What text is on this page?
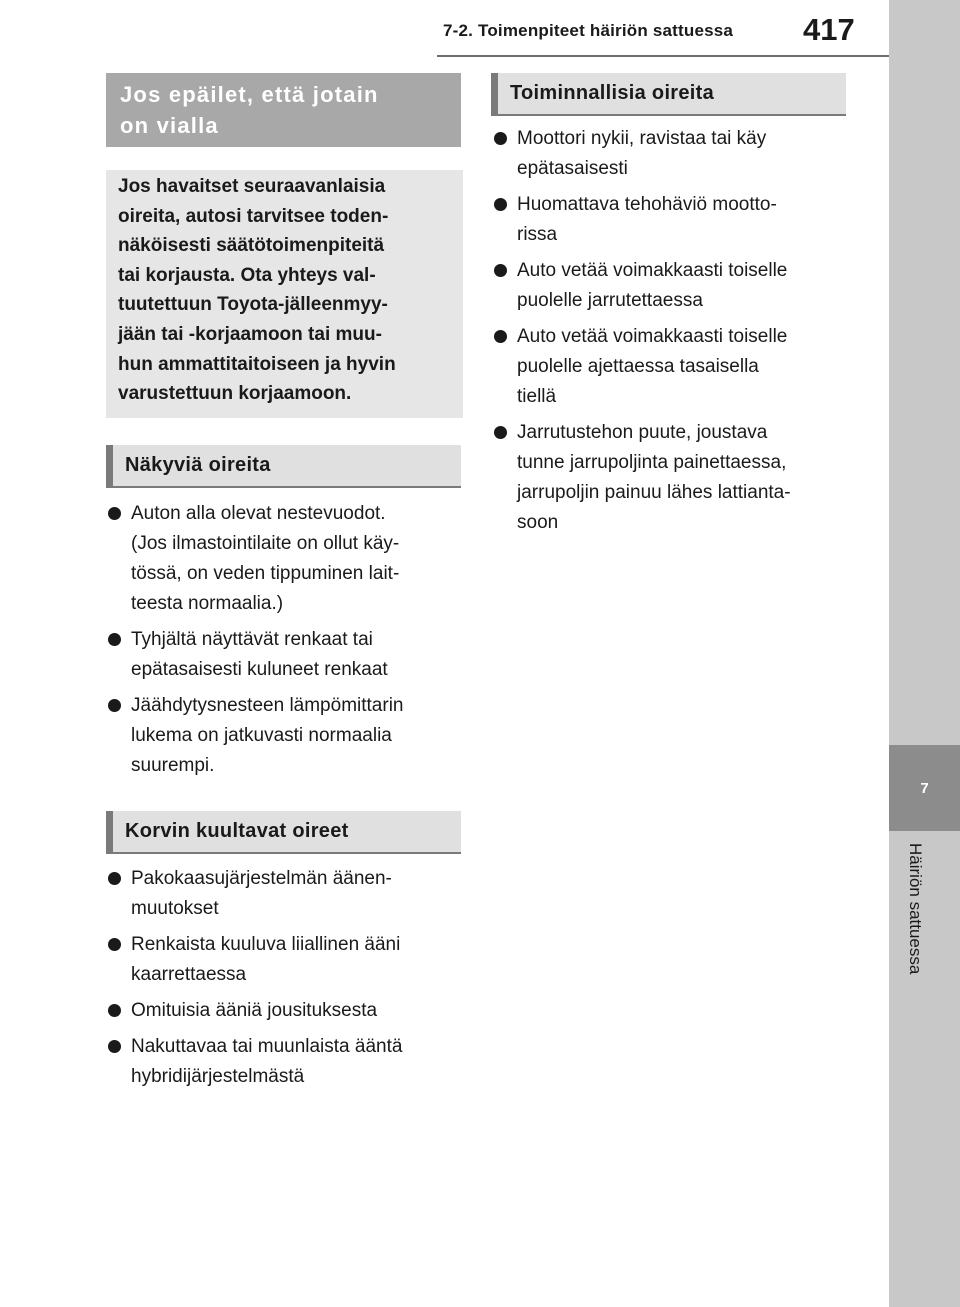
7-2. Toimenpiteet häiriön sattuessa 417
7
Häiriön sattuessa
Jos epäilet, että jotain
on vialla
Jos havaitset seuraavanlaisia
oireita, autosi tarvitsee toden-
näköisesti säätötoimenpiteitä
tai korjausta. Ota yhteys val-
tuutettuun Toyota-jälleenmyy-
jään tai -korjaamoon tai muu-
hun ammattitaitoiseen ja hyvin
varustettuun korjaamoon.
Näkyviä oireita
Auton alla olevat nestevuodot.
(Jos ilmastointilaite on ollut käy-
tössä, on veden tippuminen lait-
teesta normaalia.)
Tyhjältä näyttävät renkaat tai
epätasaisesti kuluneet renkaat
Jäähdytysnesteen lämpömittarin
lukema on jatkuvasti normaalia
suurempi.
Korvin kuultavat oireet
Pakokaasujärjestelmän äänen-
muutokset
Renkaista kuuluva liiallinen ääni
kaarrettaessa
Omituisia ääniä jousituksesta
Nakuttavaa tai muunlaista ääntä
hybridijärjestelmästä
Toiminnallisia oireita
Moottori nykii, ravistaa tai käy
epätasaisesti
Huomattava tehohäviö mootto-
rissa
Auto vetää voimakkaasti toiselle
puolelle jarrutettaessa
Auto vetää voimakkaasti toiselle
puolelle ajettaessa tasaisella
tiellä
Jarrutustehon puute, joustava
tunne jarrupoljinta painettaessa,
jarrupoljin painuu lähes lattianta-
soon
